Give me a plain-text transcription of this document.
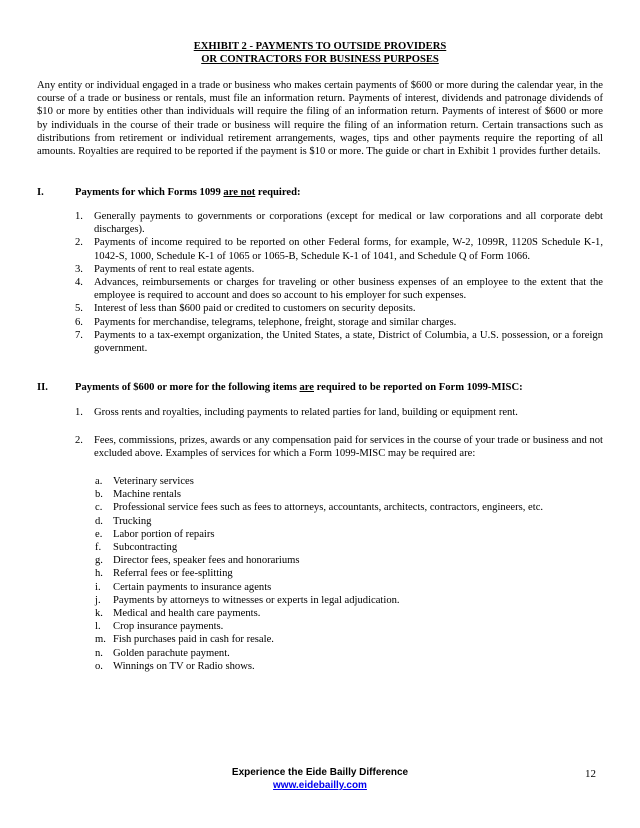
EXHIBIT 2 - PAYMENTS TO OUTSIDE PROVIDERS
OR CONTRACTORS FOR BUSINESS PURPOSES

Any entity or individual engaged in a trade or business who makes certain payments of $600 or more during the calendar year, in the course of a trade or business or rentals, must file an information return. Payments of interest, dividends and patronage dividends of $10 or more by entities other than individuals will require the filing of an information return. Payments of interest of $600 or more by individuals in the course of their trade or business will require the filing of an information return. Certain transactions such as distributions from retirement or individual retirement arrangements, wages, tips and other payments require the reporting of all amounts. Royalties are required to be reported if the payment is $10 or more. The guide or chart in Exhibit 1 provides further details.

I.	Payments for which Forms 1099 are not required:
1. Generally payments to governments or corporations (except for medical or law corporations and all corporate debt discharges).
2. Payments of income required to be reported on other Federal forms, for example, W-2, 1099R, 1120S Schedule K-1, 1042-S, 1000, Schedule K-1 of 1065 or 1065-B, Schedule K-1 of 1041, and Schedule Q of Form 1066.
3. Payments of rent to real estate agents.
4. Advances, reimbursements or charges for traveling or other business expenses of an employee to the extent that the employee is required to account and does so account to his employer for such expenses.
5. Interest of less than $600 paid or credited to customers on security deposits.
6. Payments for merchandise, telegrams, telephone, freight, storage and similar charges.
7. Payments to a tax-exempt organization, the United States, a state, District of Columbia, a U.S. possession, or a foreign government.
II.	Payments of $600 or more for the following items are required to be reported on Form 1099-MISC:
1. Gross rents and royalties, including payments to related parties for land, building or equipment rent.
2. Fees, commissions, prizes, awards or any compensation paid for services in the course of your trade or business and not excluded above. Examples of services for which a Form 1099-MISC may be required are:
a. Veterinary services
b. Machine rentals
c. Professional service fees such as fees to attorneys, accountants, architects, contractors, engineers, etc.
d. Trucking
e. Labor portion of repairs
f. Subcontracting
g. Director fees, speaker fees and honorariums
h. Referral fees or fee-splitting
i. Certain payments to insurance agents
j. Payments by attorneys to witnesses or experts in legal adjudication.
k. Medical and health care payments.
l. Crop insurance payments.
m. Fish purchases paid in cash for resale.
n. Golden parachute payment.
o. Winnings on TV or Radio shows.
Experience the Eide Bailly Difference
www.eidebailly.com
12
